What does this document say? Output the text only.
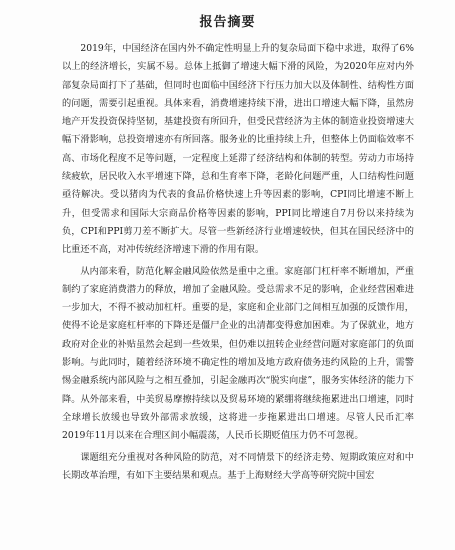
报告摘要

2019年，中国经济在国内外不确定性明显上升的复杂局面下稳中求进，取得了6%以上的经济增长，实属不易。总体上抵御了增速大幅下滑的风险，为2020年应对内外部复杂局面打下了基础，但同时也面临中国经济下行压力加大以及体制性、结构性方面的问题，需要引起重视。具体来看，消费增速持续下滑，进出口增速大幅下降，虽然房地产开发投资保持坚韧，基建投资有所回升，但受民营经济为主体的制造业投资增速大幅下滑影响，总投资增速亦有所回落。服务业的比重持续上升，但整体上仍面临效率不高、市场化程度不足等问题，一定程度上延滞了经济结构和体制的转型。劳动力市场持续疲软，居民收入水平增速下降，总和生育率下降，老龄化问题严重，人口结构性问题亟待解决。受以猪肉为代表的食品价格快速上升等因素的影响，CPI同比增速不断上升，但受需求和国际大宗商品价格等因素的影响，PPI同比增速自7月份以来持续为负，CPI和PPI剪刀差不断扩大。尽管一些新经济行业增速较快，但其在国民经济中的比重还不高，对冲传统经济增速下滑的作用有限。

从内部来看，防范化解金融风险依然是重中之重。家庭部门杠杆率不断增加，严重制约了家庭消费潜力的释放，增加了金融风险。受总需求不足的影响，企业经营困难进一步加大，不得不被动加杠杆。重要的是，家庭和企业部门之间相互加强的反馈作用，使得不论是家庭杠杆率的下降还是僵尸企业的出清都变得愈加困难。为了保就业，地方政府对企业的补贴虽然会起到一些效果，但仍难以扭转企业经营问题对家庭部门的负面影响。与此同时，随着经济环境不确定性的增加及地方政府债务违约风险的上升，需警惕金融系统内部风险与之相互叠加，引起金融再次“脱实向虚”，服务实体经济的能力下降。从外部来看，中美贸易摩擦持续以及贸易环境的紧绷将继续拖累进出口增速，同时全球增长放缓也导致外部需求放缓，这将进一步拖累进出口增速。尽管人民币汇率2019年11月以来在合理区间小幅震荡，人民币长期贬值压力仍不可忽视。

课题组充分重视对各种风险的防范，对不同情景下的经济走势、短期政策应对和中长期改革治理，有如下主要结果和观点。基于上海财经大学高等研究院中国宏
